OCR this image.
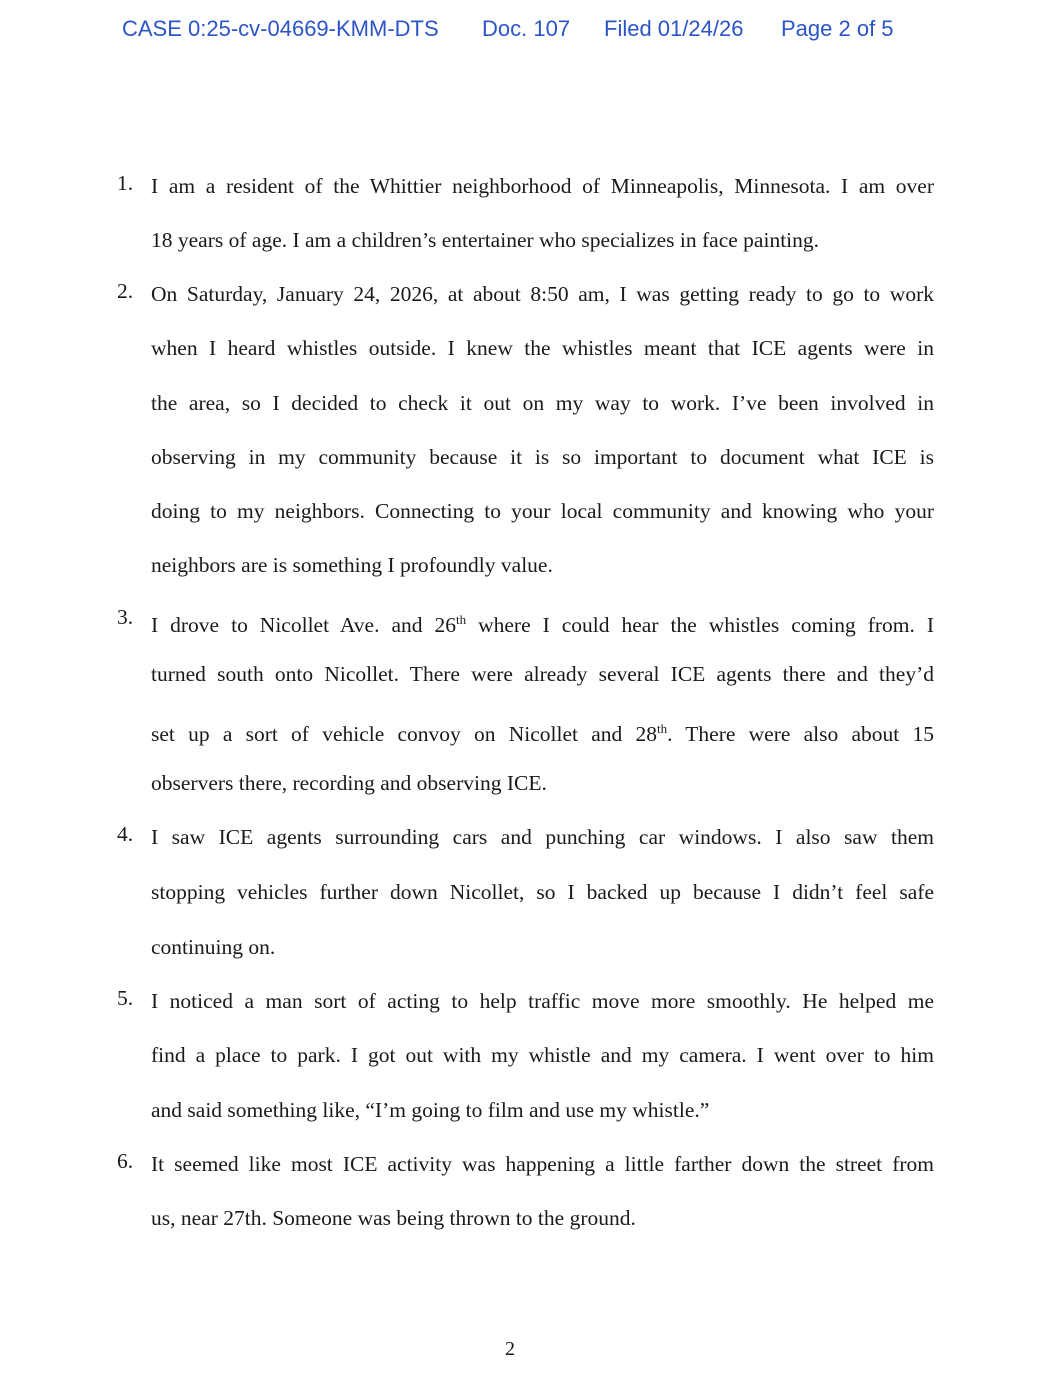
CASE 0:25-cv-04669-KMM-DTS Doc. 107 Filed 01/24/26 Page 2 of 5
1. I am a resident of the Whittier neighborhood of Minneapolis, Minnesota. I am over
18 years of age. I am a children’s entertainer who specializes in face painting.
2. On Saturday, January 24, 2026, at about 8:50 am, I was getting ready to go to work
when I heard whistles outside. I knew the whistles meant that ICE agents were in
the area, so I decided to check it out on my way to work. I’ve been involved in
observing in my community because it is so important to document what ICE is
doing to my neighbors. Connecting to your local community and knowing who your
neighbors are is something I profoundly value.
3. I drove to Nicollet Ave. and 26th where I could hear the whistles coming from. I
turned south onto Nicollet. There were already several ICE agents there and they’d
set up a sort of vehicle convoy on Nicollet and 28th. There were also about 15
observers there, recording and observing ICE.
4. I saw ICE agents surrounding cars and punching car windows. I also saw them
stopping vehicles further down Nicollet, so I backed up because I didn’t feel safe
continuing on.
5. I noticed a man sort of acting to help traffic move more smoothly. He helped me
find a place to park. I got out with my whistle and my camera. I went over to him
and said something like, “I’m going to film and use my whistle.”
6. It seemed like most ICE activity was happening a little farther down the street from
us, near 27th. Someone was being thrown to the ground.
2
